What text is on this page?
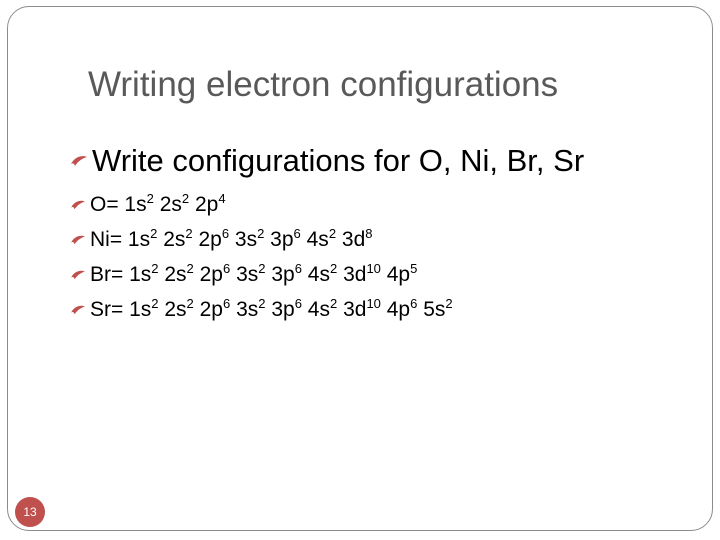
Writing electron configurations
Write configurations for O, Ni, Br, Sr
$O= 1s^2$ $2s^2$ $2p^4$
$Ni= 1s^2$ $2s^2$ $2p^6$ $3s^2$ $3p^6$ $4s^2$ $3d^8$
$Br= 1s^2$ $2s^2$ $2p^6$ $3s^2$ $3p^6$ $4s^2$ $3d^{10}$ $4p^5$
$Sr= 1s^2$ $2s^2$ $2p^6$ $3s^2$ $3p^6$ $4s^2$ $3d^{10}$ $4p^6$ $5s^2$
13
